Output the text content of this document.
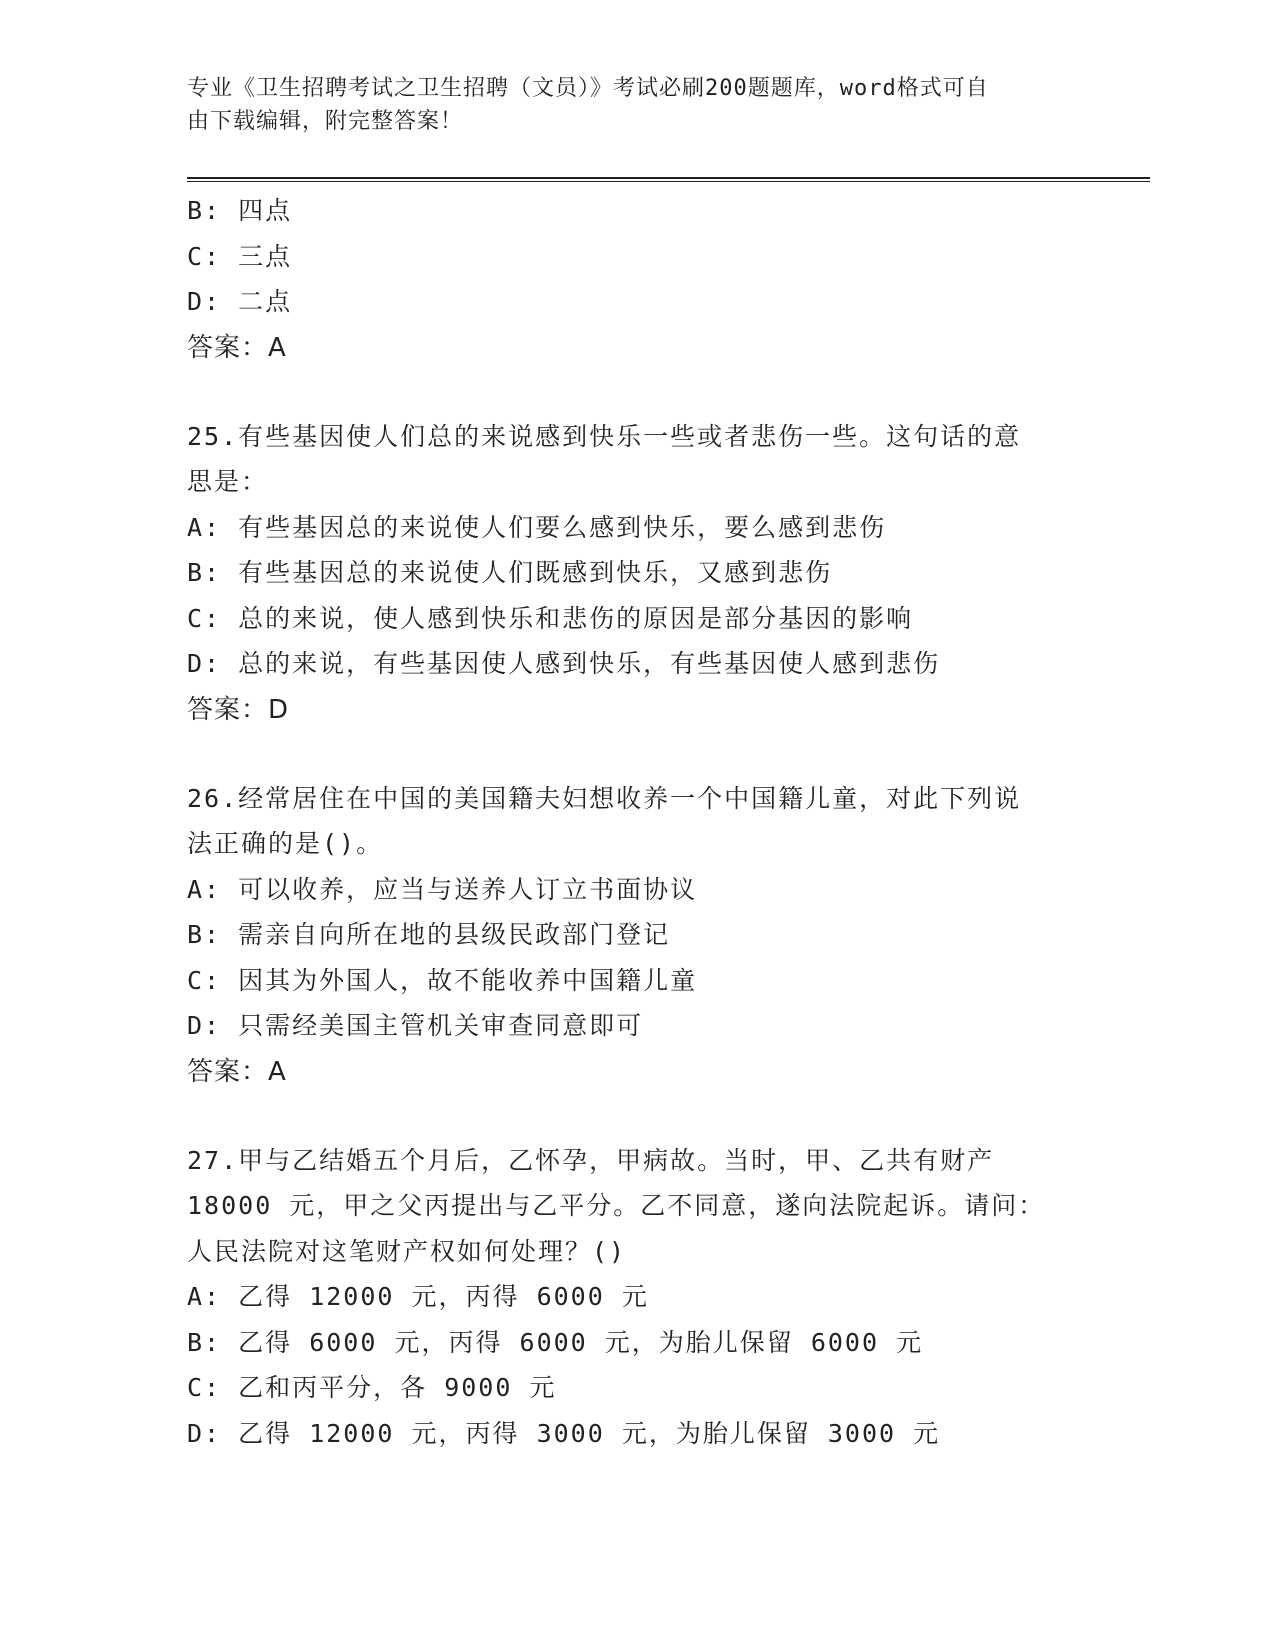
专业《卫生招聘考试之卫生招聘（文员）》考试必刷200题题库，word格式可自
由下载编辑，附完整答案！
B: 四点
C: 三点
D: 二点
答案：A
25.有些基因使人们总的来说感到快乐一些或者悲伤一些。这句话的意
思是：
A: 有些基因总的来说使人们要么感到快乐，要么感到悲伤
B: 有些基因总的来说使人们既感到快乐，又感到悲伤
C: 总的来说，使人感到快乐和悲伤的原因是部分基因的影响
D: 总的来说，有些基因使人感到快乐，有些基因使人感到悲伤
答案：D
26.经常居住在中国的美国籍夫妇想收养一个中国籍儿童，对此下列说
法正确的是()。
A: 可以收养，应当与送养人订立书面协议
B: 需亲自向所在地的县级民政部门登记
C: 因其为外国人，故不能收养中国籍儿童
D: 只需经美国主管机关审查同意即可
答案：A
27.甲与乙结婚五个月后，乙怀孕，甲病故。当时，甲、乙共有财产
18000 元，甲之父丙提出与乙平分。乙不同意，遂向法院起诉。请问：
人民法院对这笔财产权如何处理？()
A: 乙得 12000 元，丙得 6000 元
B: 乙得 6000 元，丙得 6000 元，为胎儿保留 6000 元
C: 乙和丙平分，各 9000 元
D: 乙得 12000 元，丙得 3000 元，为胎儿保留 3000 元
